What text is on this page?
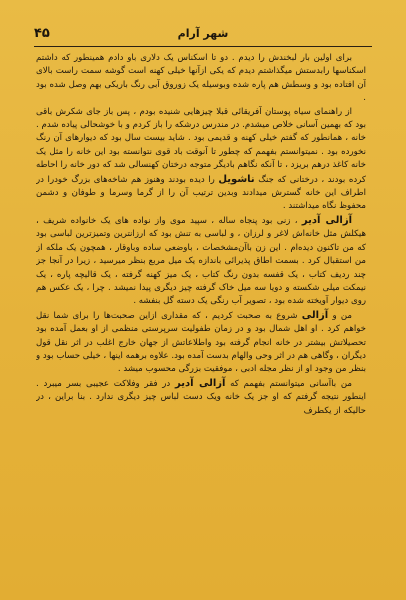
۴۵	شهر آرام

برای اولین بار لبخندش را دیدم . دو تا اسکناس یک دلاری باو دادم همینطور که داشتم اسکناسها رابدستش میگذاشتم دیدم که یکی ازآنها خیلی کهنه است گوشه سمت راست بالای آن افتاده بود و وسطش هم پاره شده وبوسیله یک زوروق آبی رنگ باریکی بهم وصل شده بود .

از راهنمای سیاه پوستان آفریقائی قبلا چیزهایی شنیده بودم ، پس باز جای شکرش باقی بود که بهمین آسانی خلاص میشدم. در مندرس درشکه را باز کردم و با خوشحالی پیاده شدم . خانه ، همانطور که گفتم خیلی کهنه و قدیمی بود . شاید بیست سال بود که دیوارهای آن رنگ نخورده بود . نمیتوانستم بفهمم که چطور تا آنوقت باد قوی نتوانسته بود این خانه را مثل یک خانه کاغذ درهم بریزد ، تا آنکه نگاهم بادیگر متوجه درختان کهنسالی شد که دور خانه را احاطه کرده بودند ، درختانی که جنگ ناشویل را دیده بودند وهنوز هم شاخه‌های بزرگ خودرا در اطراف این خانه گسترش میدادند وبدین ترتیب آن را از گرما وسرما و طوفان و دشمن محفوظ نگاه میداشتند .

آزالی آدیر ، زنی بود پنجاه ساله ، سپید موی واز نواده های یک خانواده شریف ، هیکلش مثل خانه‌اش لاغر و لرزان ، و لباسی به تنش بود که ارزانترین وتمیزترین لباسی بود که من تاکنون دیده‌ام . این زن باآن‌مشخصات ، باوضعی ساده وباوقار ، همچون یک ملکه از من استقبال کرد . بسمت اطاق پذیرائی باندازه یک میل مربع بنظر میرسید ، زیرا در آنجا جز چند ردیف کتاب ، یک قفسه بدون رنگ کتاب ، یک میز کهنه گرفته ، یک قالیچه پاره ، یک نیمکت میلی شکسته و دویا سه میل خاک گرفته چیز دیگری پیدا نمیشد . چرا ، یک عکس هم روی دیوار آویخته شده بود ، تصویر آب رنگی یک دسته گل بنفشه .

من و آزالی شروع به صحبت کردیم ، که مقداری ازاین صحبت‌ها را برای شما نقل خواهم کرد . او اهل شمال بود و در زمان طفولیت سرپرستی منظمی از او بعمل آمده بود تحصیلاتش بیشتر در خانه انجام گرفته بود واطلاعاتش از جهان خارج اغلب در اثر نقل قول دیگران ، وگاهی هم در اثر وحی والهام بدست آمده بود. علاوه برهمه اینها ، خیلی حساب بود و بنظر من وجود او از نظر مجله ادبی ، موفقیت بزرگی محسوب میشد .

من باآسانی میتوانستم بفهمم که آزالی آدیر در فقر وفلاکت عجیبی بسر میبرد . اینطور نتیجه گرفتم که او جز یک خانه ویک دست لباس چیز دیگری ندارد . بنا براین ، در حالیکه از یکطرف
